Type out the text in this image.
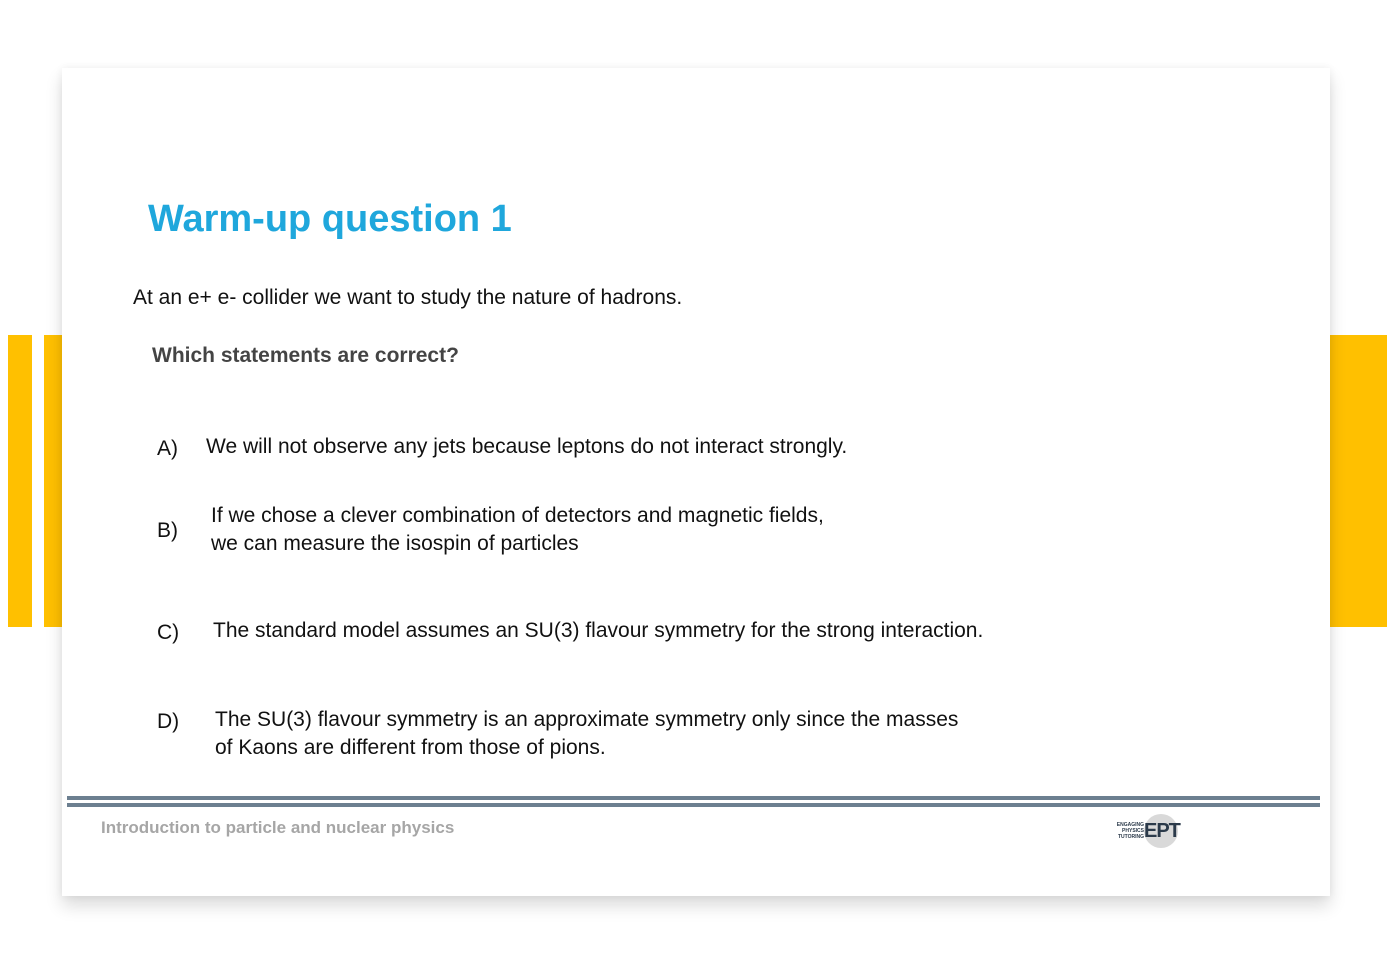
Warm-up question 1
At an e+ e- collider we want to study the nature of hadrons.
Which statements are correct?
A) We will not observe any jets because leptons do not interact strongly.
B)
If we chose a clever combination of detectors and magnetic fields,
we can measure the isospin of particles
C) The standard model assumes an SU(3) flavour symmetry for the strong interaction.
D) The SU(3) flavour symmetry is an approximate symmetry only since the masses
of Kaons are different from those of pions.
Introduction to particle and nuclear physics	ENGAGING
PHYSICS
TUTORING EPT
